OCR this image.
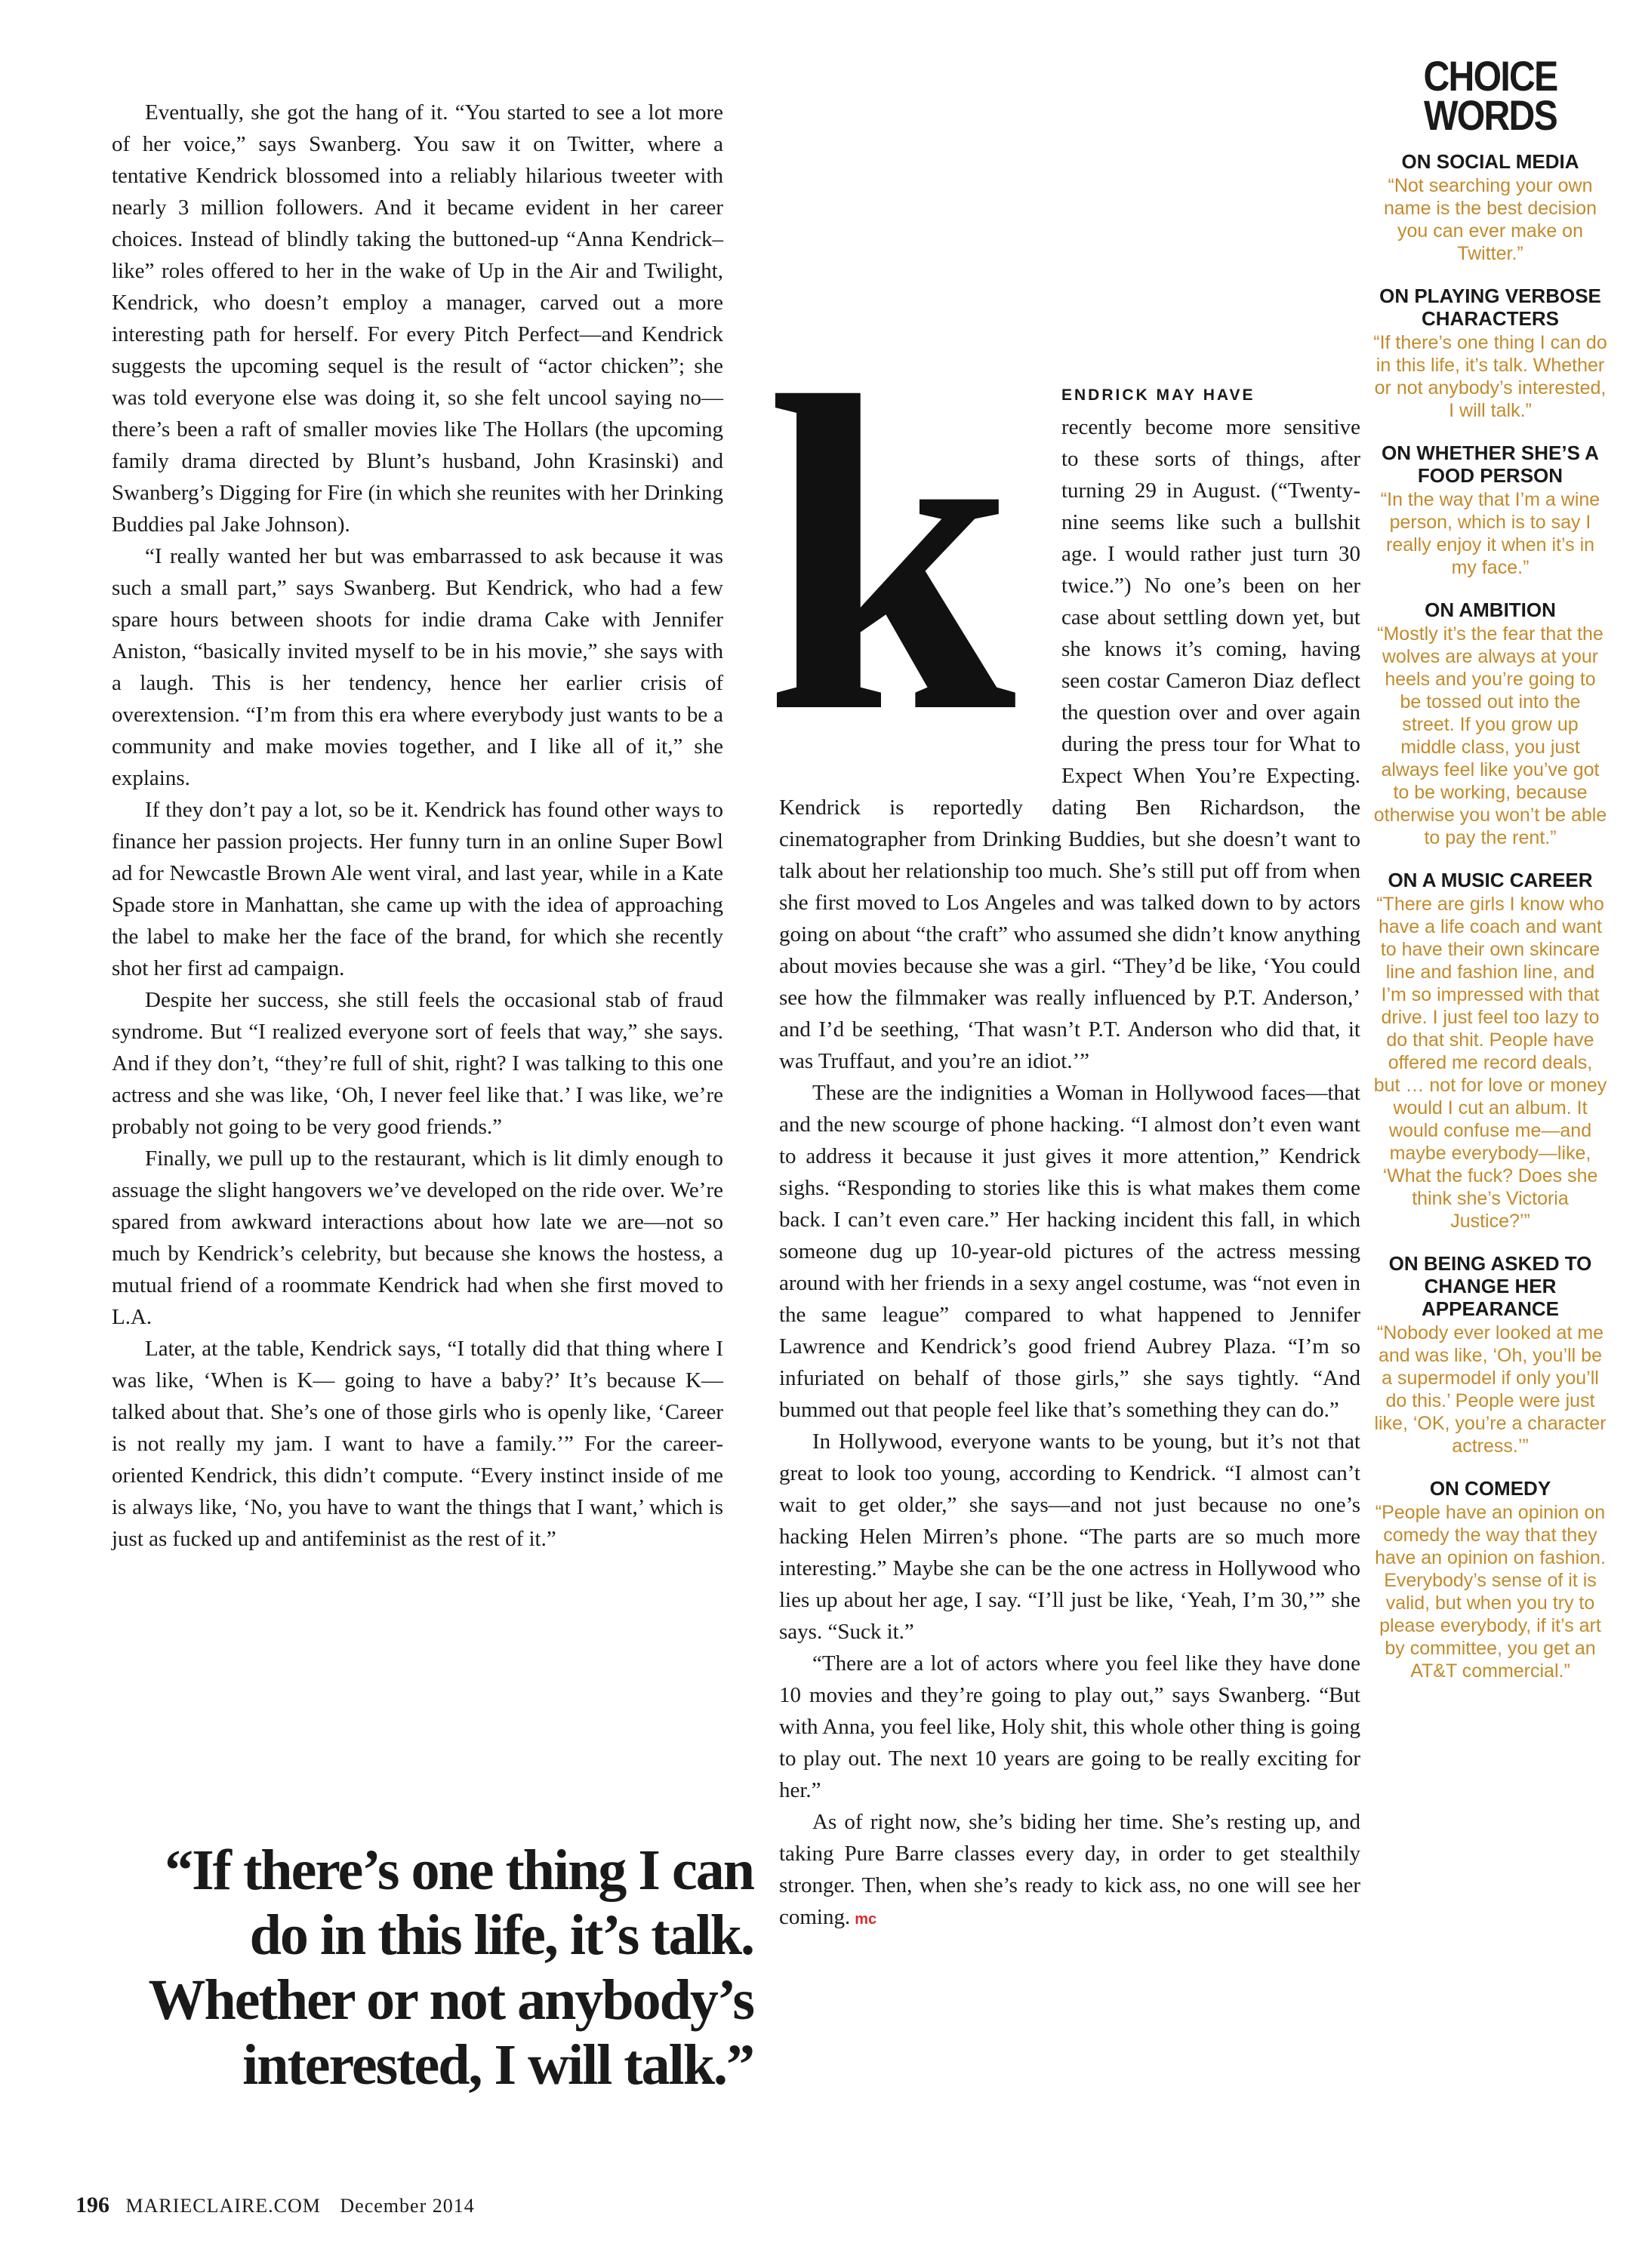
Eventually, she got the hang of it. “You started to see a lot more of her voice,” says Swanberg. You saw it on Twitter, where a tentative Kendrick blossomed into a reliably hilarious tweeter with nearly 3 million followers. And it became evident in her career choices. Instead of blindly taking the buttoned-up “Anna Kendrick–like” roles offered to her in the wake of Up in the Air and Twilight, Kendrick, who doesn’t employ a manager, carved out a more interesting path for herself. For every Pitch Perfect—and Kendrick suggests the upcoming sequel is the result of “actor chicken”; she was told everyone else was doing it, so she felt uncool saying no—there’s been a raft of smaller movies like The Hollars (the upcoming family drama directed by Blunt’s husband, John Krasinski) and Swanberg’s Digging for Fire (in which she reunites with her Drinking Buddies pal Jake Johnson).

“I really wanted her but was embarrassed to ask because it was such a small part,” says Swanberg. But Kendrick, who had a few spare hours between shoots for indie drama Cake with Jennifer Aniston, “basically invited myself to be in his movie,” she says with a laugh. This is her tendency, hence her earlier crisis of overextension. “I’m from this era where everybody just wants to be a community and make movies together, and I like all of it,” she explains.

If they don’t pay a lot, so be it. Kendrick has found other ways to finance her passion projects. Her funny turn in an online Super Bowl ad for Newcastle Brown Ale went viral, and last year, while in a Kate Spade store in Manhattan, she came up with the idea of approaching the label to make her the face of the brand, for which she recently shot her first ad campaign.

Despite her success, she still feels the occasional stab of fraud syndrome. But “I realized everyone sort of feels that way,” she says. And if they don’t, “they’re full of shit, right? I was talking to this one actress and she was like, ‘Oh, I never feel like that.’ I was like, we’re probably not going to be very good friends.”

Finally, we pull up to the restaurant, which is lit dimly enough to assuage the slight hangovers we’ve developed on the ride over. We’re spared from awkward interactions about how late we are—not so much by Kendrick’s celebrity, but because she knows the hostess, a mutual friend of a roommate Kendrick had when she first moved to L.A.

Later, at the table, Kendrick says, “I totally did that thing where I was like, ‘When is K— going to have a baby?’ It’s because K— talked about that. She’s one of those girls who is openly like, ‘Career is not really my jam. I want to have a family.’” For the career-oriented Kendrick, this didn’t compute. “Every instinct inside of me is always like, ‘No, you have to want the things that I want,’ which is just as fucked up and antifeminist as the rest of it.”

“If there’s one thing I can
do in this life, it’s talk.
Whether or not anybody’s
interested, I will talk.”

k	ENDRICK MAY HAVE
recently become more sensitive to these sorts of things, after turning 29 in August. (“Twenty-nine seems like such a bullshit age. I would rather just turn 30 twice.”) No one’s been on her case about settling down yet, but she knows it’s coming, having seen costar Cameron Diaz deflect the question over and over again during the press tour for What to Expect When You’re Expecting. Kendrick is reportedly dating Ben Richardson, the cinematographer from Drinking Buddies, but she doesn’t want to talk about her relationship too much. She’s still put off from when she first moved to Los Angeles and was talked down to by actors going on about “the craft” who assumed she didn’t know anything about movies because she was a girl. “They’d be like, ‘You could see how the filmmaker was really influenced by P.T. Anderson,’ and I’d be seething, ‘That wasn’t P.T. Anderson who did that, it was Truffaut, and you’re an idiot.’”

These are the indignities a Woman in Hollywood faces—that and the new scourge of phone hacking. “I almost don’t even want to address it because it just gives it more attention,” Kendrick sighs. “Responding to stories like this is what makes them come back. I can’t even care.” Her hacking incident this fall, in which someone dug up 10-year-old pictures of the actress messing around with her friends in a sexy angel costume, was “not even in the same league” compared to what happened to Jennifer Lawrence and Kendrick’s good friend Aubrey Plaza. “I’m so infuriated on behalf of those girls,” she says tightly. “And bummed out that people feel like that’s something they can do.”

In Hollywood, everyone wants to be young, but it’s not that great to look too young, according to Kendrick. “I almost can’t wait to get older,” she says—and not just because no one’s hacking Helen Mirren’s phone. “The parts are so much more interesting.” Maybe she can be the one actress in Hollywood who lies up about her age, I say. “I’ll just be like, ‘Yeah, I’m 30,’” she says. “Suck it.”

“There are a lot of actors where you feel like they have done 10 movies and they’re going to play out,” says Swanberg. “But with Anna, you feel like, Holy shit, this whole other thing is going to play out. The next 10 years are going to be really exciting for her.”

As of right now, she’s biding her time. She’s resting up, and taking Pure Barre classes every day, in order to get stealthily stronger. Then, when she’s ready to kick ass, no one will see her coming. mc

CHOICE
WORDS
ON SOCIAL MEDIA
“Not searching your own name is the best decision you can ever make on Twitter.”
ON PLAYING VERBOSE CHARACTERS
“If there’s one thing I can do in this life, it’s talk. Whether or not anybody’s interested, I will talk.”
ON WHETHER SHE’S A FOOD PERSON
“In the way that I’m a wine person, which is to say I really enjoy it when it’s in my face.”
ON AMBITION
“Mostly it’s the fear that the wolves are always at your heels and you’re going to be tossed out into the street. If you grow up middle class, you just always feel like you’ve got to be working, because otherwise you won’t be able to pay the rent.”
ON A MUSIC CAREER
“There are girls I know who have a life coach and want to have their own skincare line and fashion line, and I’m so impressed with that drive. I just feel too lazy to do that shit. People have offered me record deals, but … not for love or money would I cut an album. It would confuse me—and maybe everybody—like, ‘What the fuck? Does she think she’s Victoria Justice?’”
ON BEING ASKED TO CHANGE HER APPEARANCE
“Nobody ever looked at me and was like, ‘Oh, you’ll be a supermodel if only you’ll do this.’ People were just like, ‘OK, you’re a character actress.’”
ON COMEDY
“People have an opinion on comedy the way that they have an opinion on fashion. Everybody’s sense of it is valid, but when you try to please everybody, if it’s art by committee, you get an AT&T commercial.”
196 MARIECLAIRE.COM December 2014
